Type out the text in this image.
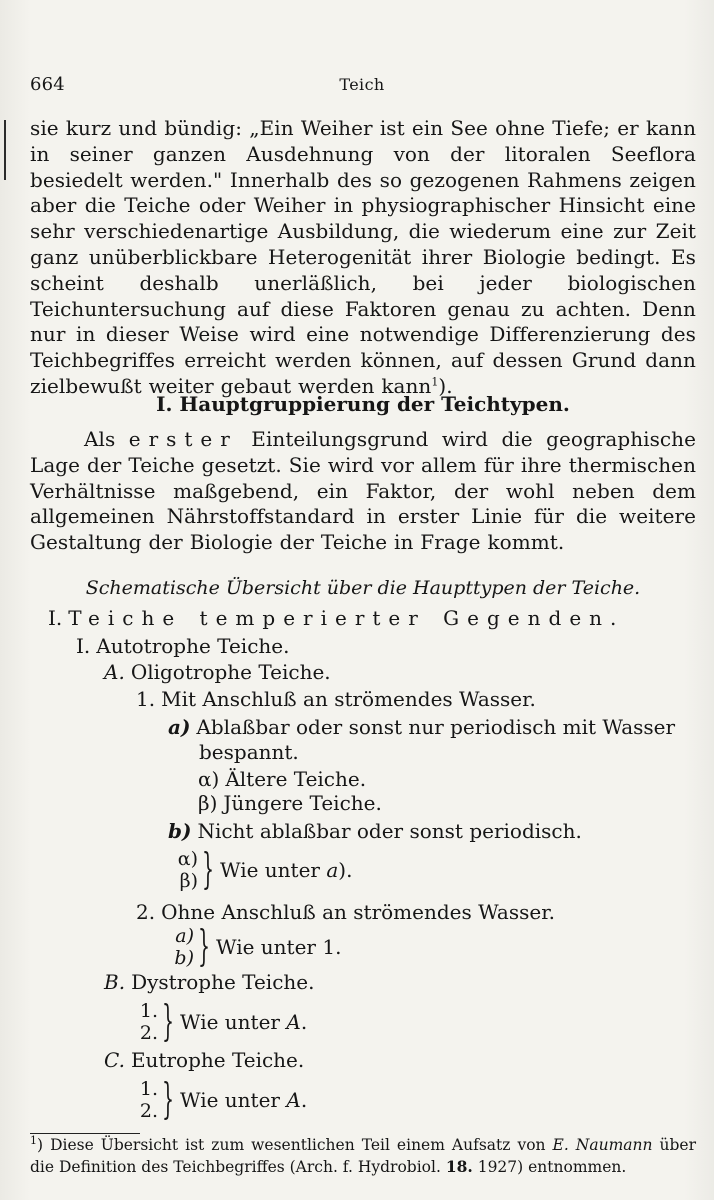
664	Teich
sie kurz und bündig: „Ein Weiher ist ein See ohne Tiefe; er kann in seiner ganzen Ausdehnung von der litoralen Seeflora besiedelt werden." Innerhalb des so gezogenen Rahmens zeigen aber die Teiche oder Weiher in physiographischer Hinsicht eine sehr verschiedenartige Ausbildung, die wiederum eine zur Zeit ganz unüberblickbare Heterogenität ihrer Biologie bedingt. Es scheint deshalb unerläßlich, bei jeder biologischen Teichuntersuchung auf diese Faktoren genau zu achten. Denn nur in dieser Weise wird eine notwendige Differenzierung des Teichbegriffes erreicht werden können, auf dessen Grund dann zielbewußt weiter gebaut werden kann$^1$).
I. Hauptgruppierung der Teichtypen.
Als erster Einteilungsgrund wird die geographische Lage der Teiche gesetzt. Sie wird vor allem für ihre thermischen Verhältnisse maßgebend, ein Faktor, der wohl neben dem allgemeinen Nährstoffstandard in erster Linie für die weitere Gestaltung der Biologie der Teiche in Frage kommt.
Schematische Übersicht über die Haupttypen der Teiche.
I. Teiche temperierter Gegenden.
I. Autotrophe Teiche.
A. Oligotrophe Teiche.
1. Mit Anschluß an strömendes Wasser.
a) Ablaßbar oder sonst nur periodisch mit Wasser
bespannt.
α) Ältere Teiche.
β) Jüngere Teiche.
b) Nicht ablaßbar oder sonst periodisch.
α)
β) } Wie unter a).
2. Ohne Anschluß an strömendes Wasser.
a)
b) } Wie unter 1.
B. Dystrophe Teiche.
1.
2. } Wie unter A.
C. Eutrophe Teiche.
1.
2. } Wie unter A.
$^1$) Diese Übersicht ist zum wesentlichen Teil einem Aufsatz von E. Naumann über die Definition des Teichbegriffes (Arch. f. Hydrobiol. 18. 1927) entnommen.
